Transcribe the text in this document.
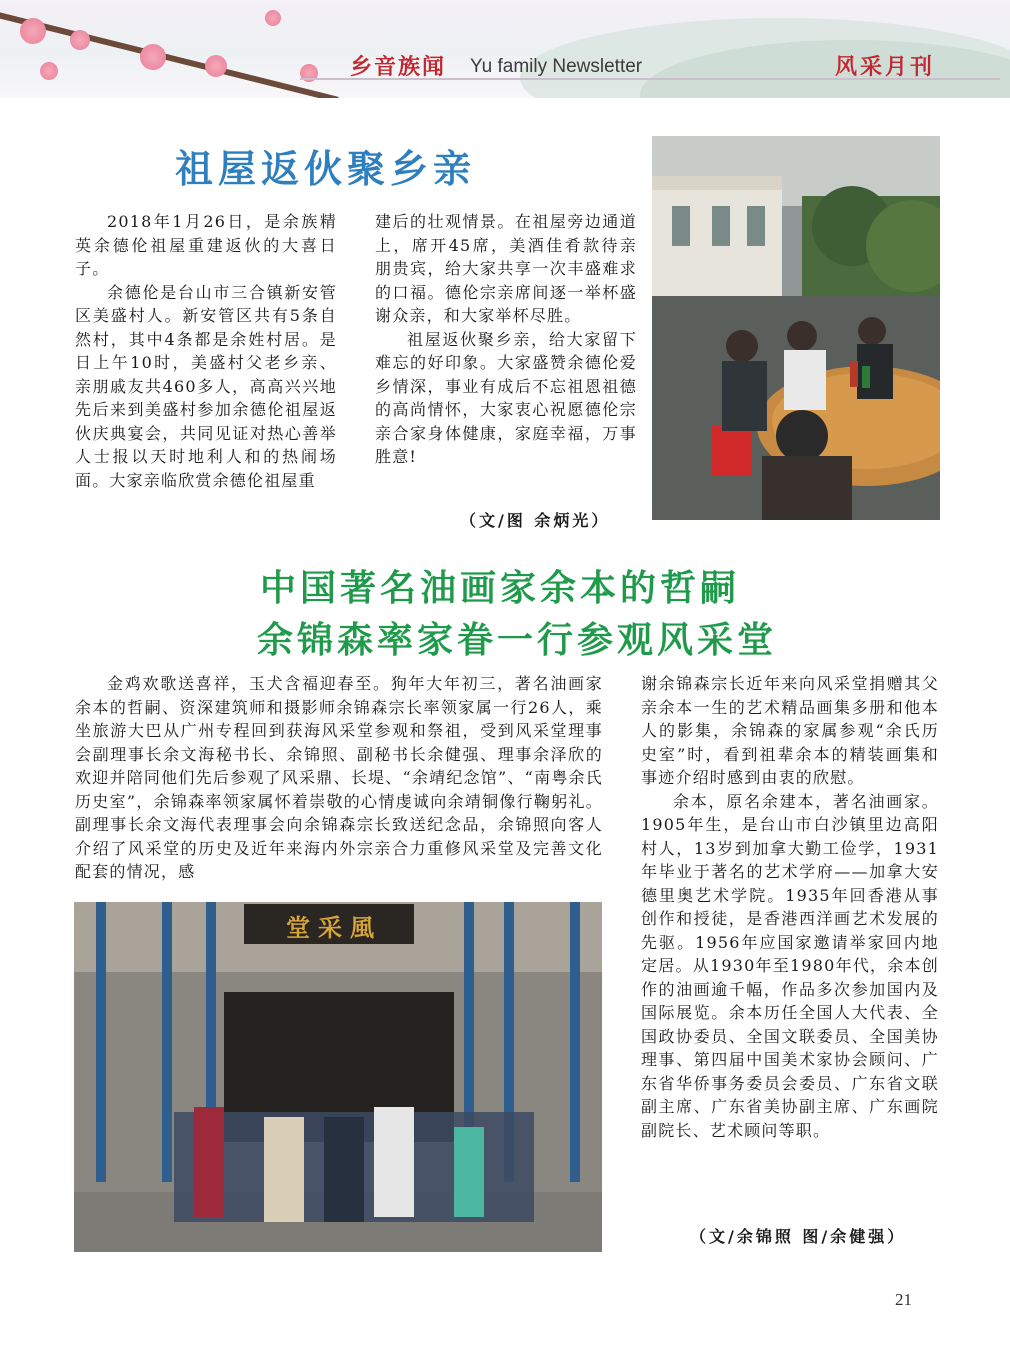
乡音族闻 Yu family Newsletter	风采月刊
祖屋返伙聚乡亲

2018年1月26日，是余族精英余德伦祖屋重建返伙的大喜日子。

余德伦是台山市三合镇新安管区美盛村人。新安管区共有5条自然村，其中4条都是余姓村居。是日上午10时，美盛村父老乡亲、亲朋戚友共460多人，高高兴兴地先后来到美盛村参加余德伦祖屋返伙庆典宴会，共同见证对热心善举人士报以天时地利人和的热闹场面。大家亲临欣赏余德伦祖屋重

建后的壮观情景。在祖屋旁边通道上，席开45席，美酒佳肴款待亲朋贵宾，给大家共享一次丰盛难求的口福。德伦宗亲席间逐一举杯盛谢众亲，和大家举杯尽胜。

祖屋返伙聚乡亲，给大家留下难忘的好印象。大家盛赞余德伦爱乡情深，事业有成后不忘祖恩祖德的高尚情怀，大家衷心祝愿德伦宗亲合家身体健康，家庭幸福，万事胜意!

（文/图 余炳光）
中国著名油画家余本的哲嗣
余锦森率家眷一行参观风采堂

金鸡欢歌送喜祥，玉犬含福迎春至。狗年大年初三，著名油画家余本的哲嗣、资深建筑师和摄影师余锦森宗长率领家属一行26人，乘坐旅游大巴从广州专程回到获海风采堂参观和祭祖，受到风采堂理事会副理事长余文海秘书长、余锦照、副秘书长余健强、理事余泽欣的欢迎并陪同他们先后参观了风采鼎、长堤、“余靖纪念馆”、“南粤余氏历史室”，余锦森率领家属怀着崇敬的心情虔诚向余靖铜像行鞠躬礼。副理事长余文海代表理事会向余锦森宗长致送纪念品，余锦照向客人介绍了风采堂的历史及近年来海内外宗亲合力重修风采堂及完善文化配套的情况，感

谢余锦森宗长近年来向风采堂捐赠其父亲余本一生的艺术精品画集多册和他本人的影集，余锦森的家属参观“余氏历史室”时，看到祖辈余本的精装画集和事迹介绍时感到由衷的欣慰。

余本，原名余建本，著名油画家。1905年生，是台山市白沙镇里边高阳村人，13岁到加拿大勤工俭学，1931年毕业于著名的艺术学府——加拿大安德里奥艺术学院。1935年回香港从事创作和授徒，是香港西洋画艺术发展的先驱。1956年应国家邀请举家回内地定居。从1930年至1980年代，余本创作的油画逾千幅，作品多次参加国内及国际展览。余本历任全国人大代表、全国政协委员、全国文联委员、全国美协理事、第四届中国美术家协会顾问、广东省华侨事务委员会委员、广东省文联副主席、广东省美协副主席、广东画院副院长、艺术顾问等职。

（文/余锦照 图/余健强）
堂采風
21
